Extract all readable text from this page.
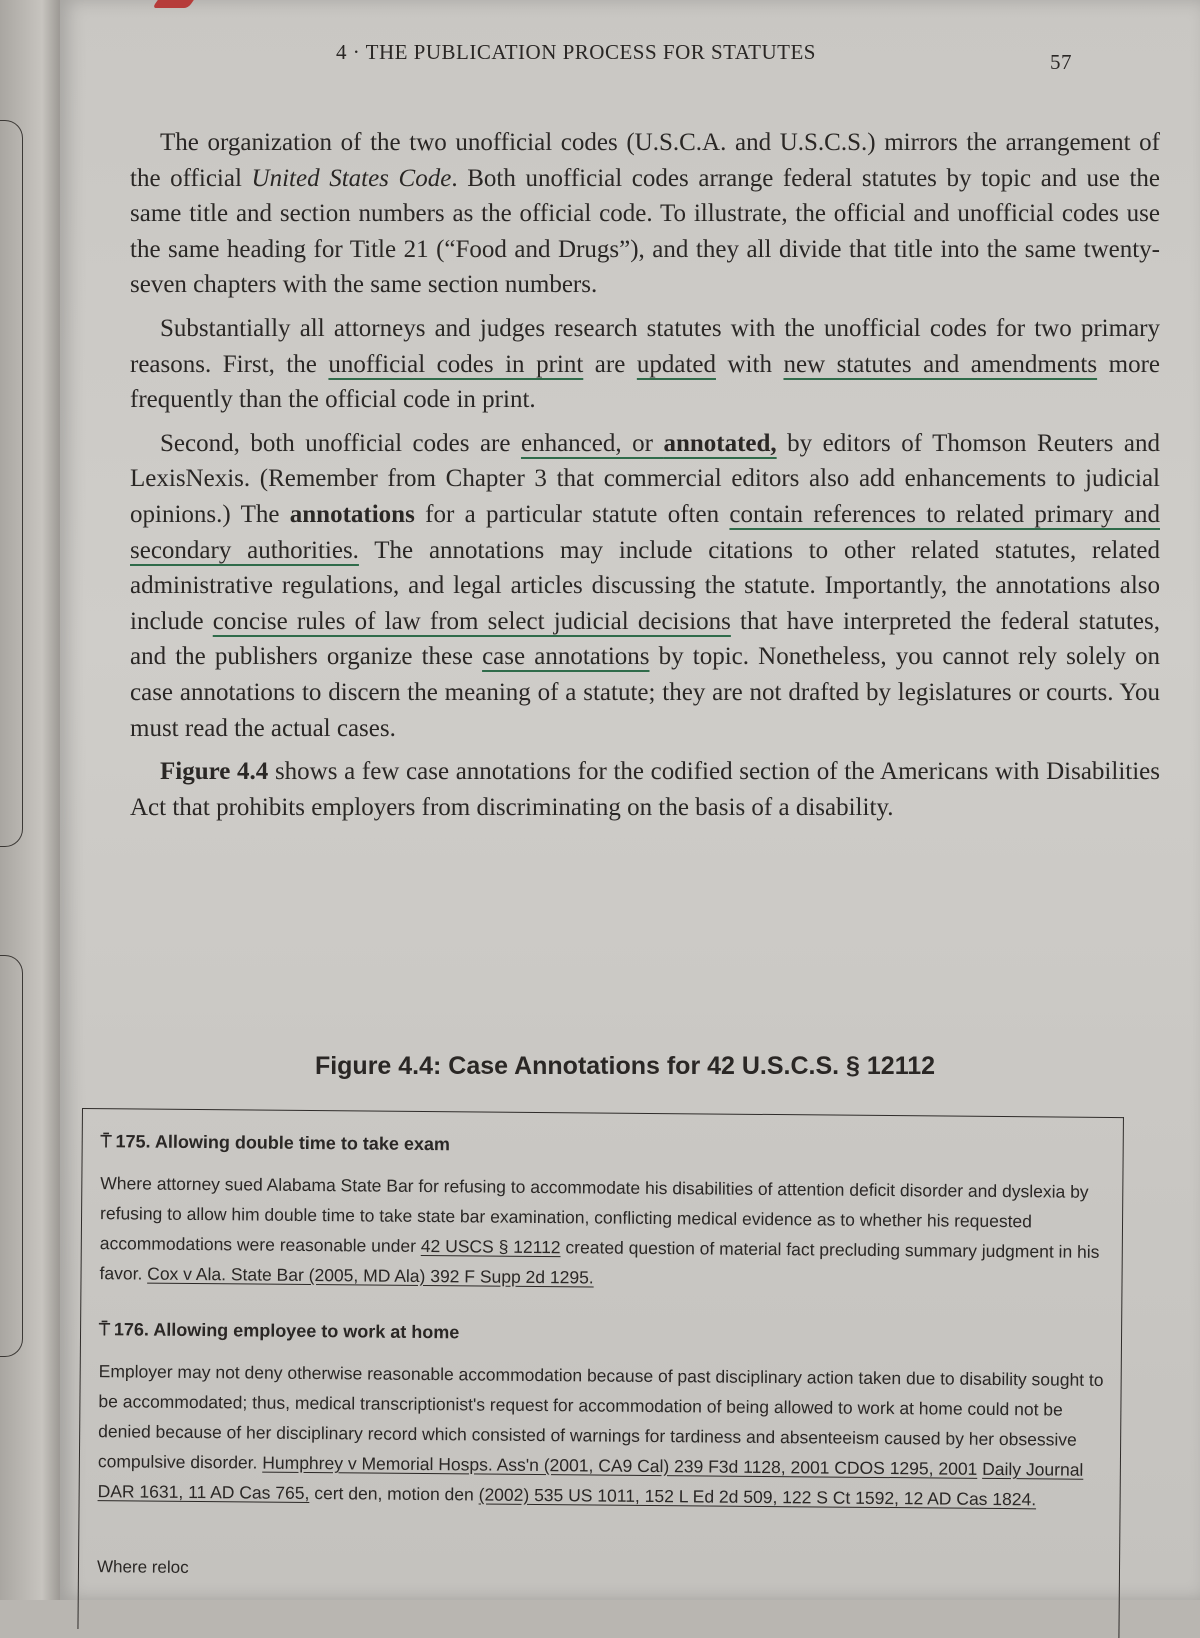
4 · THE PUBLICATION PROCESS FOR STATUTES	57

The organization of the two unofficial codes (U.S.C.A. and U.S.C.S.) mirrors the arrangement of the official United States Code. Both unofficial codes arrange federal statutes by topic and use the same title and section numbers as the official code. To illustrate, the official and unofficial codes use the same heading for Title 21 (“Food and Drugs”), and they all divide that title into the same twenty-seven chapters with the same section numbers.

Substantially all attorneys and judges research statutes with the unofficial codes for two primary reasons. First, the unofficial codes in print are updated with new statutes and amendments more frequently than the official code in print.

Second, both unofficial codes are enhanced, or annotated, by editors of Thomson Reuters and LexisNexis. (Remember from Chapter 3 that commercial editors also add enhancements to judicial opinions.) The annotations for a particular statute often contain references to related primary and secondary authorities. The annotations may include citations to other related statutes, related administrative regulations, and legal articles discussing the statute. Importantly, the annotations also include concise rules of law from select judicial decisions that have interpreted the federal statutes, and the publishers organize these case annotations by topic. Nonetheless, you cannot rely solely on case annotations to discern the meaning of a statute; they are not drafted by legislatures or courts. You must read the actual cases.

Figure 4.4 shows a few case annotations for the codified section of the Americans with Disabilities Act that prohibits employers from discriminating on the basis of a disability.

Figure 4.4: Case Annotations for 42 U.S.C.S. § 12112
⍑ 175. Allowing double time to take exam
Where attorney sued Alabama State Bar for refusing to accommodate his disabilities of attention deficit disorder and dyslexia by refusing to allow him double time to take state bar examination, conflicting medical evidence as to whether his requested accommodations were reasonable under 42 USCS § 12112 created question of material fact precluding summary judgment in his favor. Cox v Ala. State Bar (2005, MD Ala) 392 F Supp 2d 1295.
⍑ 176. Allowing employee to work at home
Employer may not deny otherwise reasonable accommodation because of past disciplinary action taken due to disability sought to be accommodated; thus, medical transcriptionist's request for accommodation of being allowed to work at home could not be denied because of her disciplinary record which consisted of warnings for tardiness and absenteeism caused by her obsessive compulsive disorder. Humphrey v Memorial Hosps. Ass'n (2001, CA9 Cal) 239 F3d 1128, 2001 CDOS 1295, 2001 Daily Journal DAR 1631, 11 AD Cas 765, cert den, motion den (2002) 535 US 1011, 152 L Ed 2d 509, 122 S Ct 1592, 12 AD Cas 1824.
Where reloc
